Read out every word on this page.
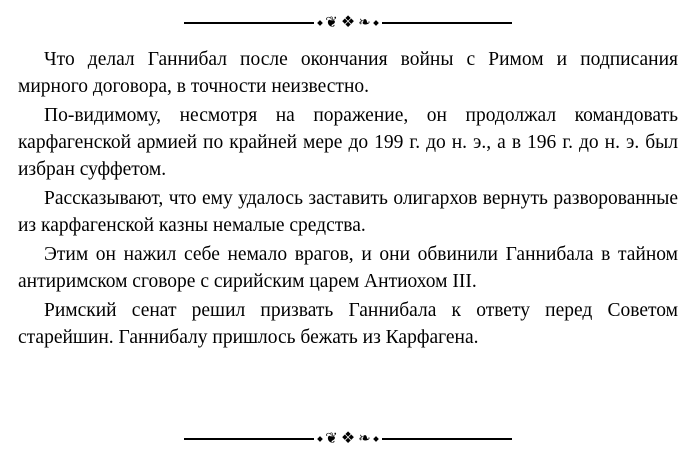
❦ ❖ ❧

Что делал Ганнибал после окончания войны с Римом и подписания мирного договора, в точности неизвестно.

По-видимому, несмотря на поражение, он продолжал командовать карфагенской армией по крайней мере до 199 г. до н. э., а в 196 г. до н. э. был избран суффетом.

Рассказывают, что ему удалось заставить олигархов вернуть разворованные из карфагенской казны немалые средства.

Этим он нажил себе немало врагов, и они обвинили Ганнибала в тайном антиримском сговоре с сирийским царем Антиохом III.

Римский сенат решил призвать Ганнибала к ответу перед Советом старейшин. Ганнибалу пришлось бежать из Карфагена.

❦ ❖ ❧
